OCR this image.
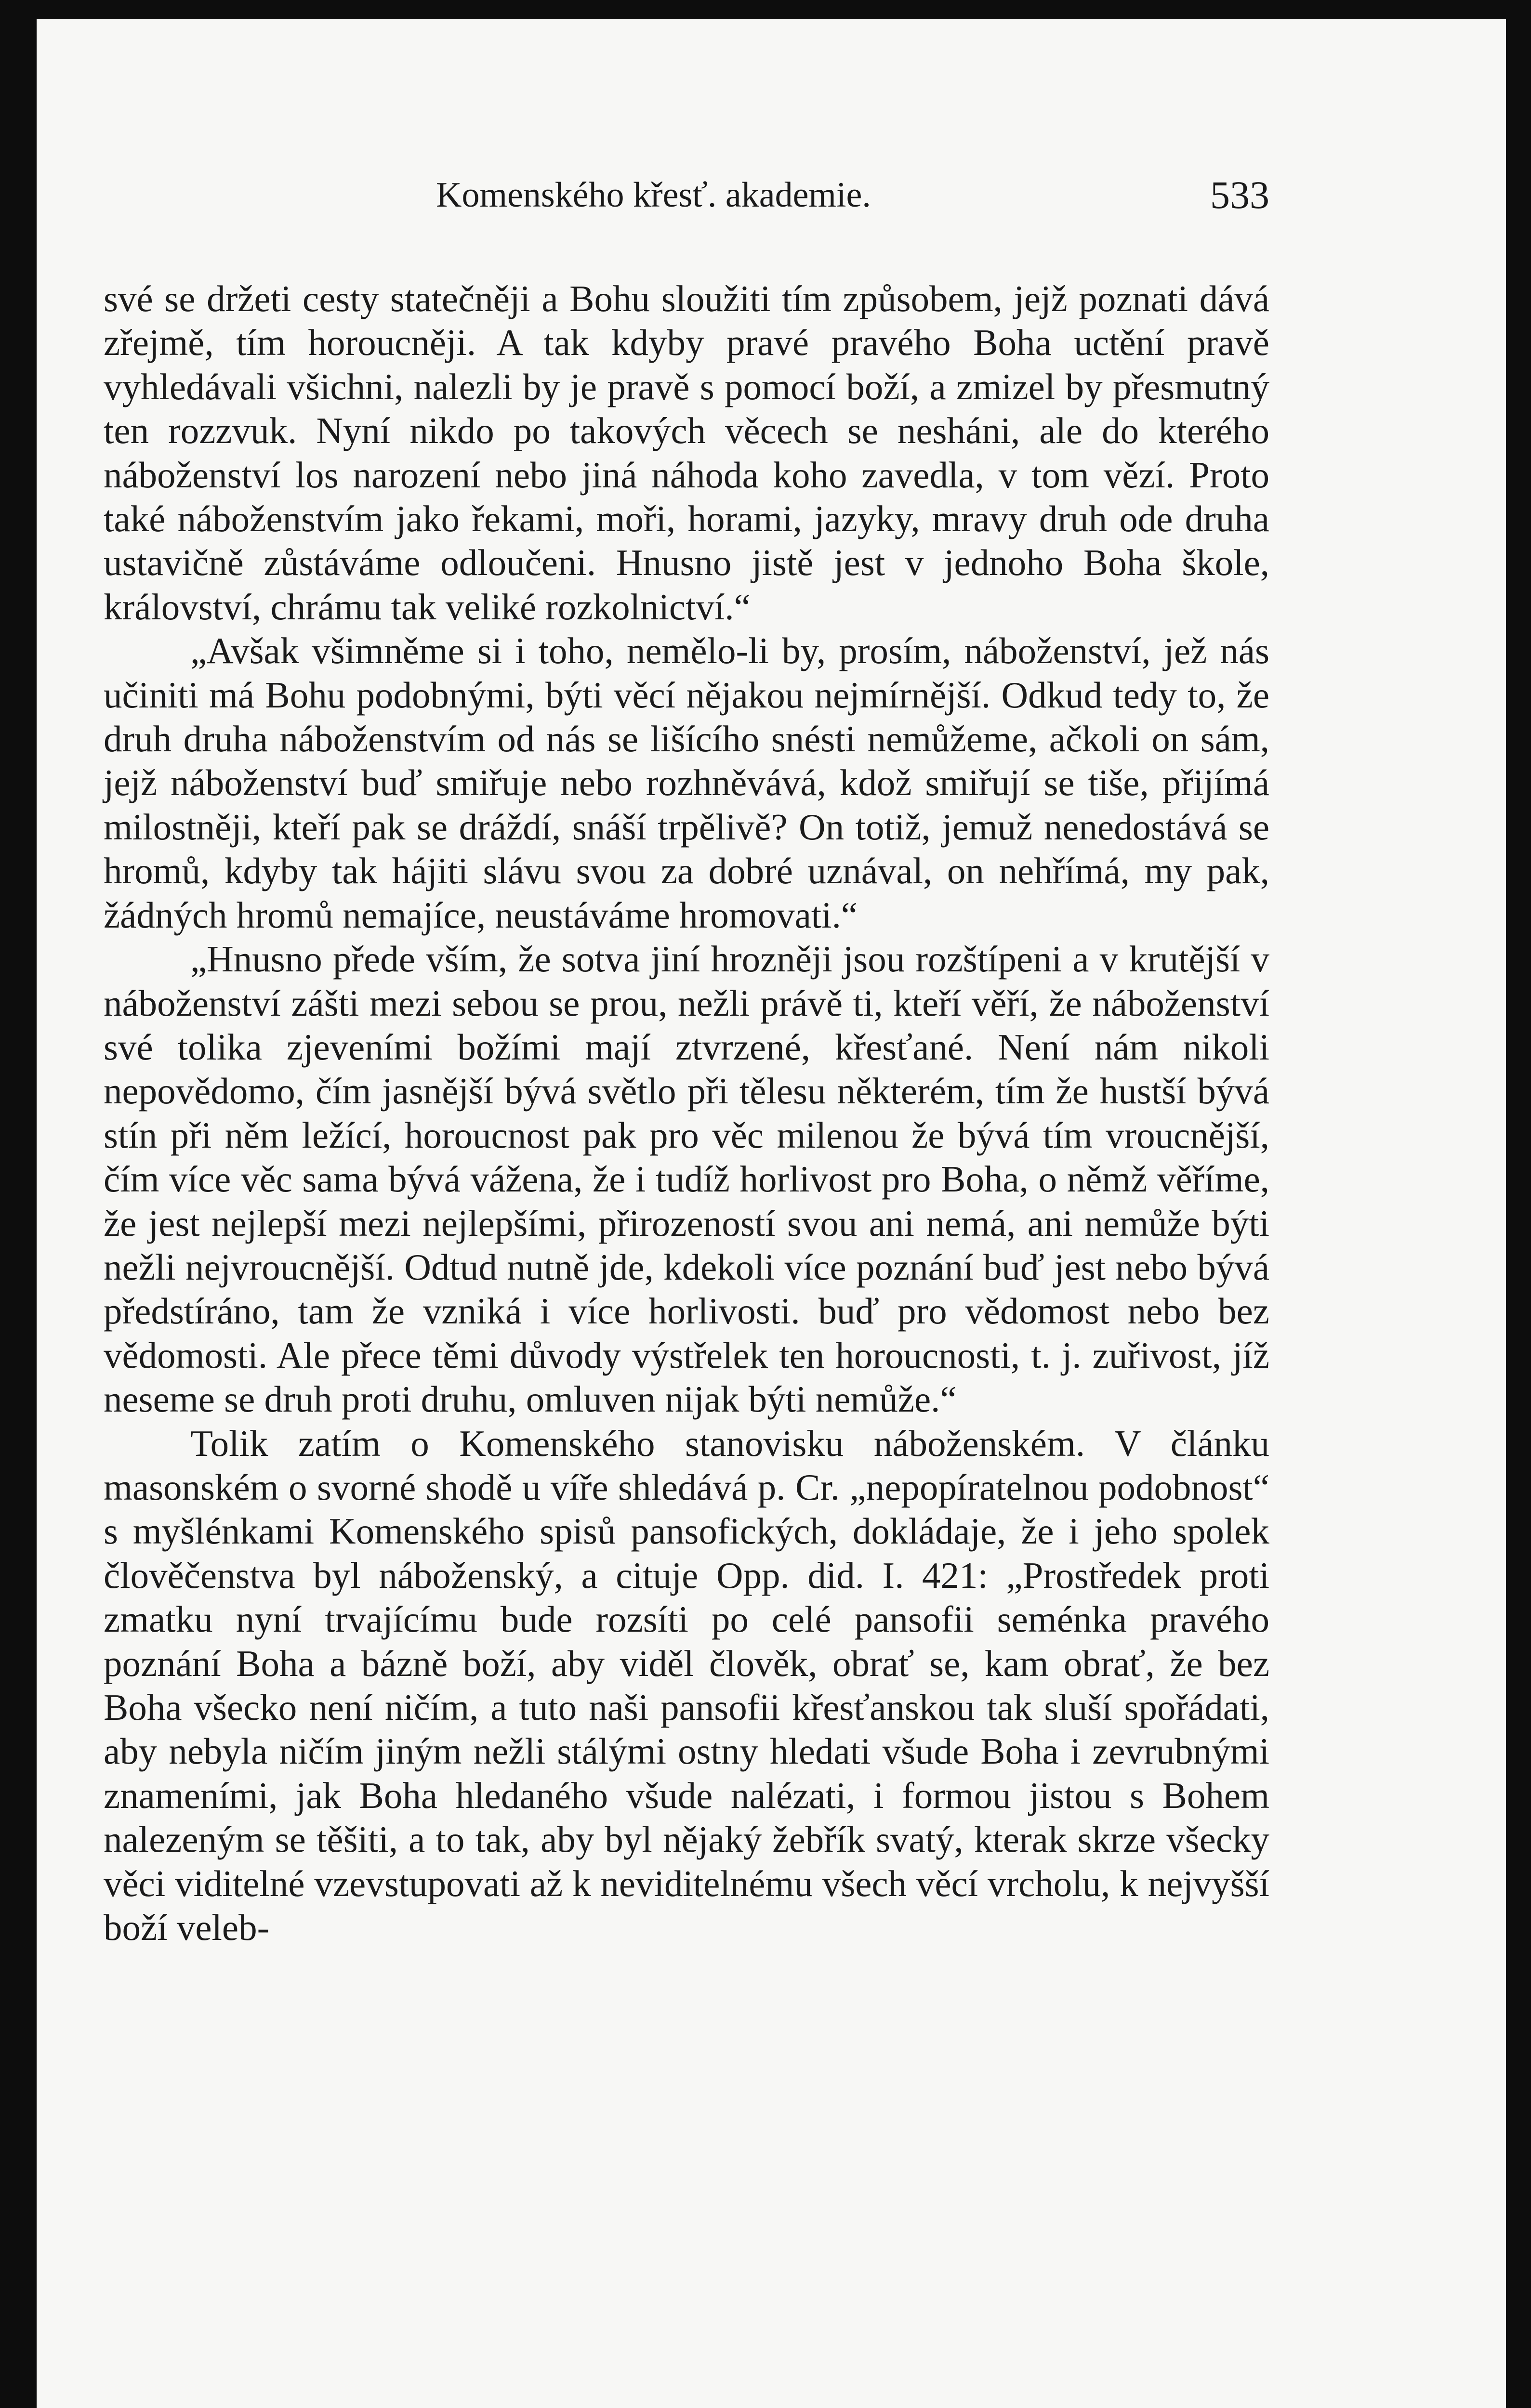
Komenského křesť. akademie.	533

své se držeti cesty statečněji a Bohu sloužiti tím způsobem, jejž poznati dává zřejmě, tím horoucněji. A tak kdyby pravé pravého Boha uctění pravě vyhledávali všichni, nalezli by je pravě s pomocí boží, a zmizel by přesmutný ten rozzvuk. Nyní nikdo po takových věcech se nesháni, ale do kterého náboženství los narození nebo jiná náhoda koho zavedla, v tom vězí. Proto také náboženstvím jako řekami, moři, horami, jazyky, mravy druh ode druha ustavičně zůstáváme odloučeni. Hnusno jistě jest v jednoho Boha škole, království, chrámu tak veliké rozkolnictví.“

„Avšak všimněme si i toho, nemělo-li by, prosím, náboženství, jež nás učiniti má Bohu podobnými, býti věcí nějakou nejmírnější. Odkud tedy to, že druh druha náboženstvím od nás se lišícího snésti nemůžeme, ačkoli on sám, jejž náboženství buď smiřuje nebo rozhněvává, kdož smiřují se tiše, přijímá milostněji, kteří pak se dráždí, snáší trpělivě? On totiž, jemuž nenedostává se hromů, kdyby tak hájiti slávu svou za dobré uznával, on nehřímá, my pak, žádných hromů nemajíce, neustáváme hromovati.“

„Hnusno přede vším, že sotva jiní hrozněji jsou rozštípeni a v krutější v náboženství zášti mezi sebou se prou, nežli právě ti, kteří věří, že náboženství své tolika zjeveními božími mají ztvrzené, křesťané. Není nám nikoli nepovědomo, čím jasnější bývá světlo při tělesu některém, tím že hustší bývá stín při něm ležící, horoucnost pak pro věc milenou že bývá tím vroucnější, čím více věc sama bývá vážena, že i tudíž horlivost pro Boha, o němž věříme, že jest nejlepší mezi nejlepšími, přirozeností svou ani nemá, ani nemůže býti nežli nejvroucnější. Odtud nutně jde, kdekoli více poznání buď jest nebo bývá předstíráno, tam že vzniká i více horlivosti. buď pro vědomost nebo bez vědomosti. Ale přece těmi důvody výstřelek ten horoucnosti, t. j. zuřivost, jíž neseme se druh proti druhu, omluven nijak býti nemůže.“

Tolik zatím o Komenského stanovisku náboženském. V článku masonském o svorné shodě u víře shledává p. Cr. „nepopíratelnou podobnost“ s myšlénkami Komenského spisů pansofických, dokládaje, že i jeho spolek člověčenstva byl náboženský, a cituje Opp. did. I. 421: „Prostředek proti zmatku nyní trvajícímu bude rozsíti po celé pansofii seménka pravého poznání Boha a bázně boží, aby viděl člověk, obrať se, kam obrať, že bez Boha všecko není ničím, a tuto naši pansofii křesťanskou tak sluší spořádati, aby nebyla ničím jiným nežli stálými ostny hledati všude Boha i zevrubnými znameními, jak Boha hledaného všude nalézati, i formou jistou s Bohem nalezeným se těšiti, a to tak, aby byl nějaký žebřík svatý, kterak skrze všecky věci viditelné vzevstupovati až k neviditelnému všech věcí vrcholu, k nejvyšší boží veleb-
